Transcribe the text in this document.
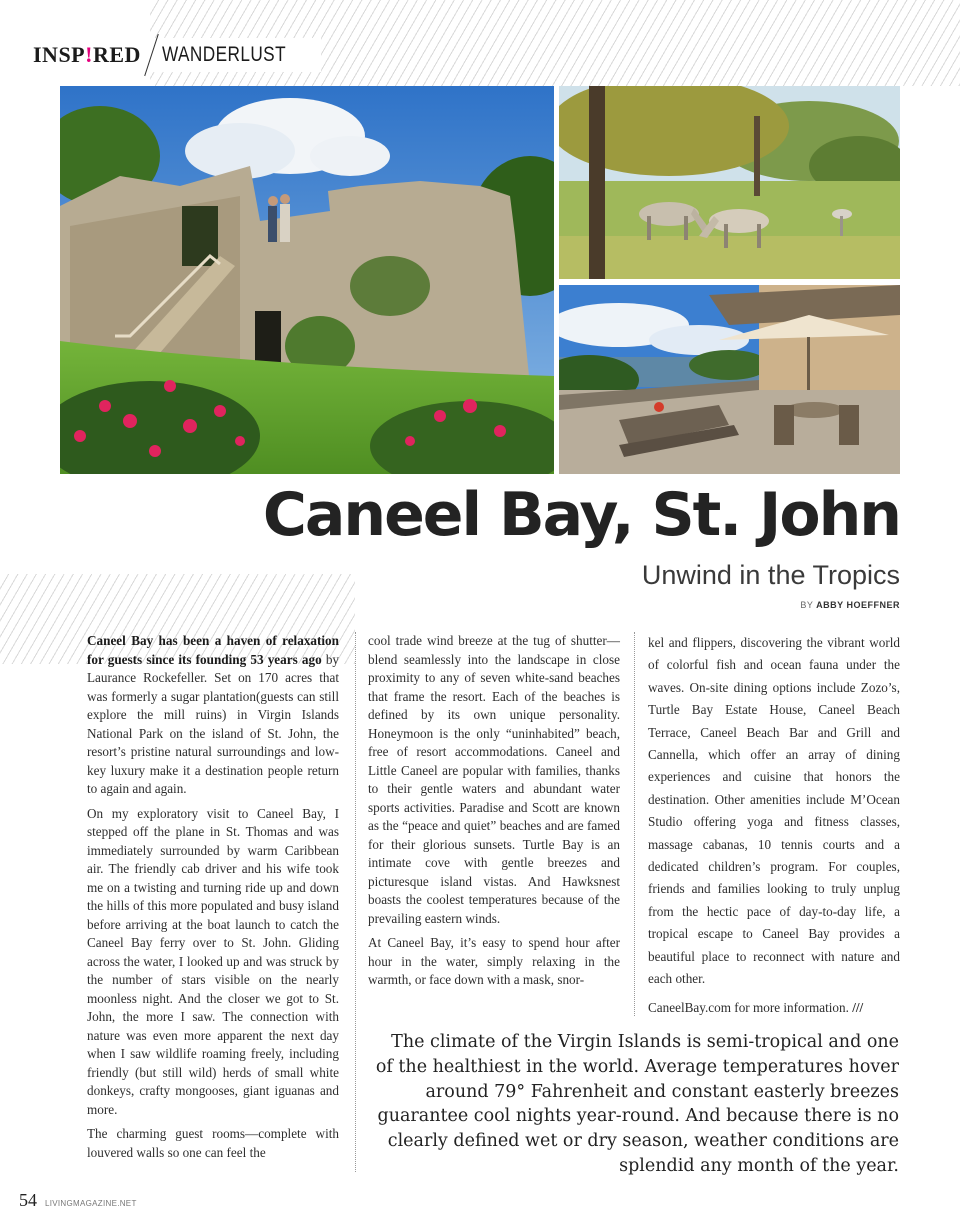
INSP!RED WANDERLUST
Caneel Bay, St. John
Unwind in the Tropics
BY ABBY HOEFFNER

Caneel Bay has been a haven of relaxation for guests since its founding 53 years ago by Laurance Rockefeller. Set on 170 acres that was formerly a sugar plantation(guests can still explore the mill ruins) in Virgin Islands National Park on the island of St. John, the resort’s pristine natural surroundings and low-key luxury make it a destination people return to again and again.

On my exploratory visit to Caneel Bay, I stepped off the plane in St. Thomas and was immediately surrounded by warm Caribbean air. The friendly cab driver and his wife took me on a twisting and turning ride up and down the hills of this more populated and busy island before arriving at the boat launch to catch the Caneel Bay ferry over to St. John. Gliding across the water, I looked up and was struck by the number of stars visible on the nearly moonless night. And the closer we got to St. John, the more I saw. The connection with nature was even more apparent the next day when I saw wildlife roaming freely, including friendly (but still wild) herds of small white donkeys, crafty mongooses, giant iguanas and more.

The charming guest rooms—complete with louvered walls so one can feel the

cool trade wind breeze at the tug of shutter—blend seamlessly into the landscape in close proximity to any of seven white-sand beaches that frame the resort. Each of the beaches is defined by its own unique personality. Honeymoon is the only “uninhabited” beach, free of resort accommodations. Caneel and Little Caneel are popular with families, thanks to their gentle waters and abundant water sports activities. Paradise and Scott are known as the “peace and quiet” beaches and are famed for their glorious sunsets. Turtle Bay is an intimate cove with gentle breezes and picturesque island vistas. And Hawksnest boasts the coolest temperatures because of the prevailing eastern winds.

At Caneel Bay, it’s easy to spend hour after hour in the water, simply relaxing in the warmth, or face down with a mask, snor-

kel and flippers, discovering the vibrant world of colorful fish and ocean fauna under the waves. On-site dining options include Zozo’s, Turtle Bay Estate House, Caneel Beach Terrace, Caneel Beach Bar and Grill and Cannella, which offer an array of dining experiences and cuisine that honors the destination. Other amenities include M’Ocean Studio offering yoga and fitness classes, massage cabanas, 10 tennis courts and a dedicated children’s program. For couples, friends and families looking to truly unplug from the hectic pace of day-to-day life, a tropical escape to Caneel Bay provides a beautiful place to reconnect with nature and each other.

CaneelBay.com for more information. ///

The climate of the Virgin Islands is semi-tropical and one
of the healthiest in the world. Average temperatures hover
around 79° Fahrenheit and constant easterly breezes
guarantee cool nights year-round. And because there is no
clearly defined wet or dry season, weather conditions are
splendid any month of the year.
54 LIVINGMAGAZINE.NET
